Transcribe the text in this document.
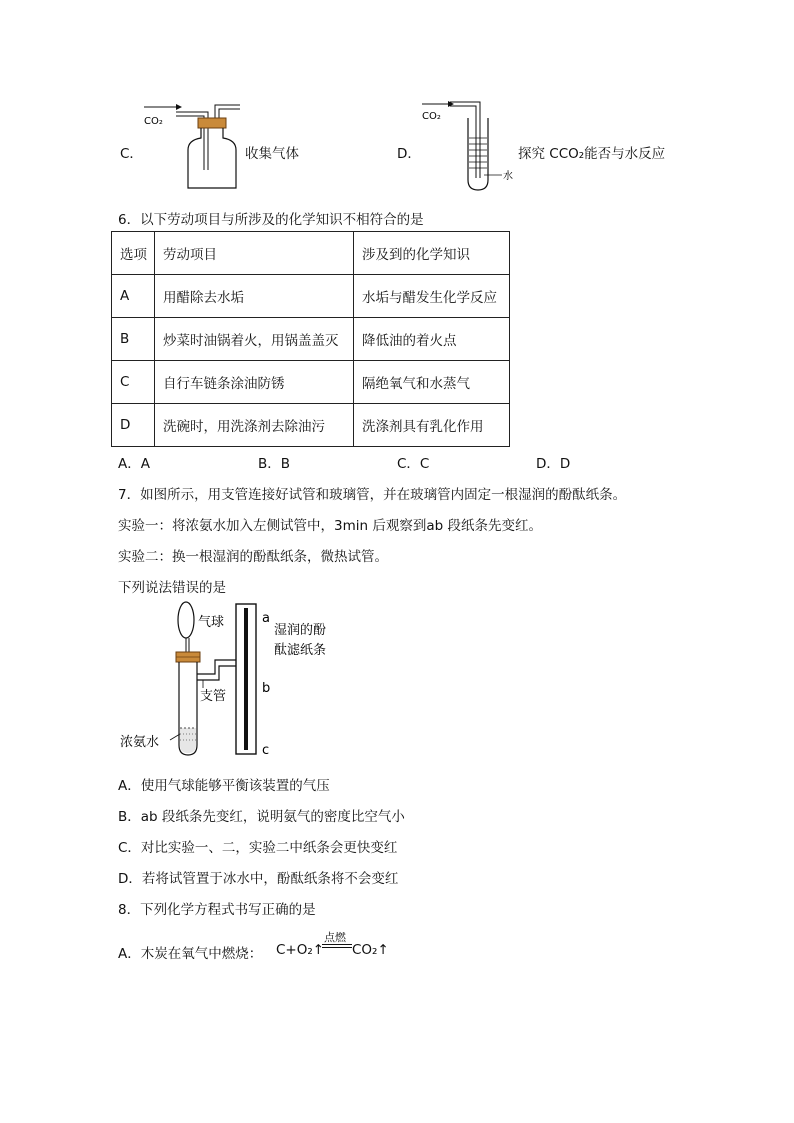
C．
CO₂
收集气体	D．
CO₂
水
探究 CCO₂能否与水反应
6．以下劳动项目与所涉及的化学知识不相符合的是
选项	劳动项目	涉及到的化学知识
A	用醋除去水垢	水垢与醋发生化学反应
B	炒菜时油锅着火，用锅盖盖灭	降低油的着火点
C	自行车链条涂油防锈	隔绝氧气和水蒸气
D	洗碗时，用洗涤剂去除油污	洗涤剂具有乳化作用
A．A	B．B	C．C	D．D
7．如图所示，用支管连接好试管和玻璃管，并在玻璃管内固定一根湿润的酚酞纸条。
实验一：将浓氨水加入左侧试管中，3min 后观察到ab 段纸条先变红。
实验二：换一根湿润的酚酞纸条，微热试管。
下列说法错误的是
气球
浓氨水
支管
a
b
c
湿润的酚
酞滤纸条
A．使用气球能够平衡该装置的气压
B．ab 段纸条先变红，说明氨气的密度比空气小
C．对比实验一、二，实验二中纸条会更快变红
D．若将试管置于冰水中，酚酞纸条将不会变红
8．下列化学方程式书写正确的是
A．木炭在氧气中燃烧： C+O₂↑
点燃
CO₂↑
